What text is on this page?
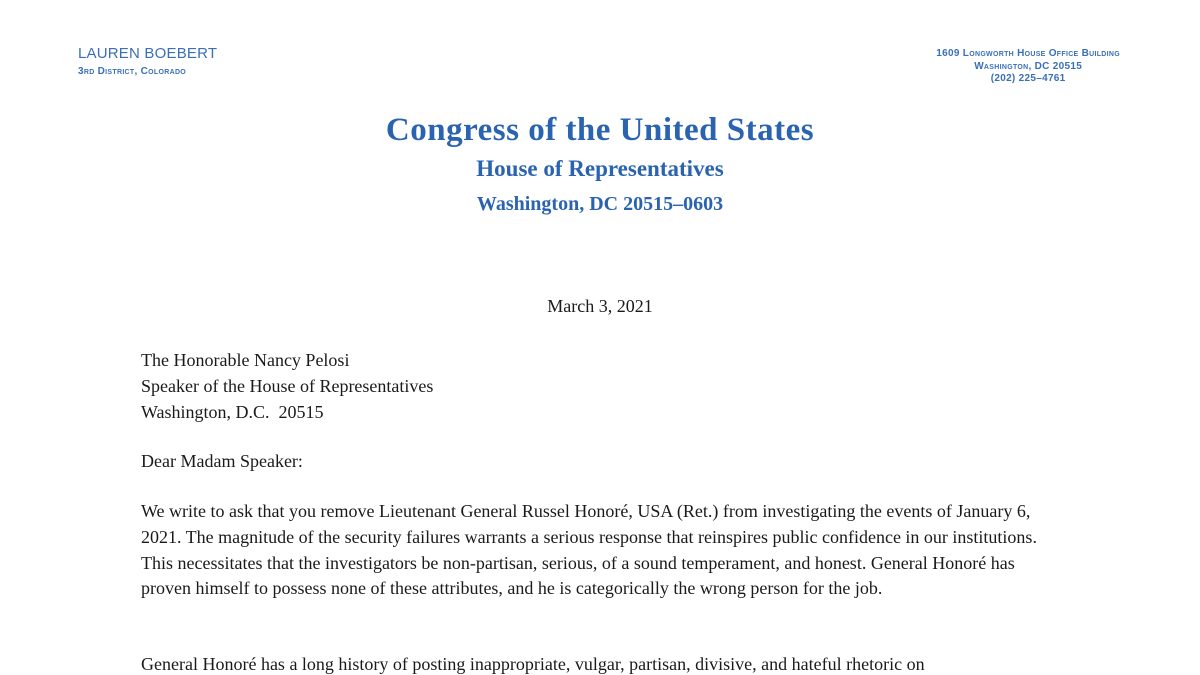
LAUREN BOEBERT
3rd District, Colorado
1609 Longworth House Office Building
Washington, DC 20515
(202) 225–4761
Congress of the United States
House of Representatives
Washington, DC 20515–0603
March 3, 2021
The Honorable Nancy Pelosi
Speaker of the House of Representatives
Washington, D.C.  20515
Dear Madam Speaker:

We write to ask that you remove Lieutenant General Russel Honoré, USA (Ret.) from investigating the events of January 6, 2021. The magnitude of the security failures warrants a serious response that reinspires public confidence in our institutions. This necessitates that the investigators be non-partisan, serious, of a sound temperament, and honest. General Honoré has proven himself to possess none of these attributes, and he is categorically the wrong person for the job.

General Honoré has a long history of posting inappropriate, vulgar, partisan, divisive, and hateful rhetoric on
